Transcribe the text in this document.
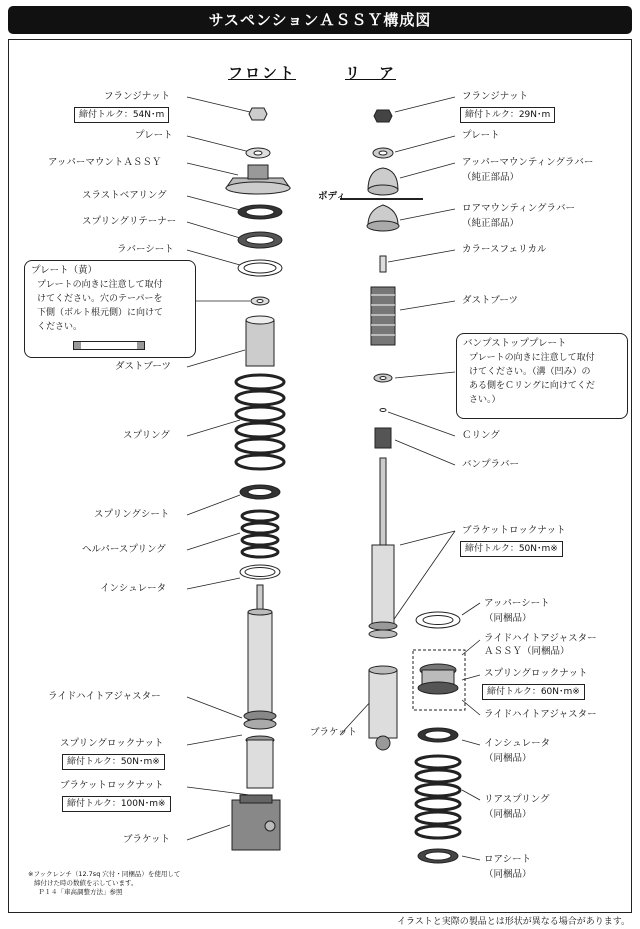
サスペンションＡＳＳＹ構成図
フロント	リ　ア
フランジナット
締付トルク：54N･m
プレート
アッパーマウントＡＳＳＹ
スラストベアリング
スプリングリテーナー
ラバーシート
プレート（黄）
プレートの向きに注意して取付
けてください。穴のテーパーを
下側（ボルト根元側）に向けて
ください。
ダストブーツ
スプリング
スプリングシート
ヘルパースプリング
インシュレータ
ライドハイトアジャスター
スプリングロックナット
締付トルク：50N･m※
ブラケットロックナット
締付トルク：100N･m※
ブラケット
※フックレンチ（12.7sq 穴付・同梱品）を使用して
締付けた時の数値を示しています。
Ｐ１４「車高調整方法」参照
フランジナット
締付トルク：29N･m
プレート
アッパーマウンティングラバー
（純正部品）
ボディ
ロアマウンティングラバー
（純正部品）
カラースフェリカル
ダストブーツ
バンプストッププレート
プレートの向きに注意して取付
けてください。（溝（凹み）の
ある側をＣリングに向けてくだ
さい。）
Ｃリング
バンプラバー
ブラケットロックナット
締付トルク：50N･m※
ブラケット
アッパーシート
（同梱品）
ライドハイトアジャスター
ＡＳＳＹ（同梱品）
スプリングロックナット
締付トルク：60N･m※
ライドハイトアジャスター
インシュレータ
（同梱品）
リアスプリング
（同梱品）
ロアシート
（同梱品）
イラストと実際の製品とは形状が異なる場合があります。
